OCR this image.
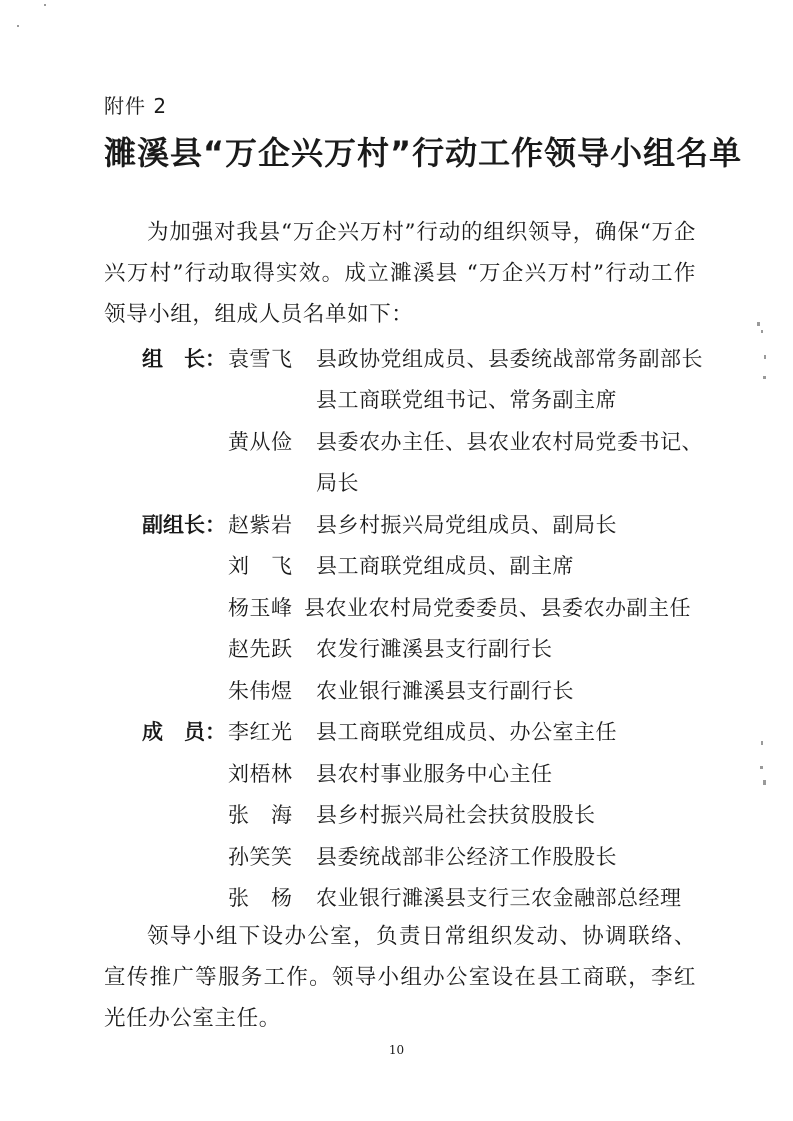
附件 2
濉溪县“万企兴万村”行动工作领导小组名单
为加强对我县“万企兴万村”行动的组织领导，确保“万企兴万村”行动取得实效。成立濉溪县 “万企兴万村”行动工作领导小组，组成人员名单如下：
组　长： 袁雪飞 县政协党组成员、县委统战部常务副部长
县工商联党组书记、常务副主席
黄从俭 县委农办主任、县农业农村局党委书记、
局长
副组长： 赵紫岩 县乡村振兴局党组成员、副局长
刘　飞 县工商联党组成员、副主席
杨玉峰 县农业农村局党委委员、县委农办副主任
赵先跃 农发行濉溪县支行副行长
朱伟煜 农业银行濉溪县支行副行长
成　员： 李红光 县工商联党组成员、办公室主任
刘梧林 县农村事业服务中心主任
张　海 县乡村振兴局社会扶贫股股长
孙笑笑 县委统战部非公经济工作股股长
张　杨 农业银行濉溪县支行三农金融部总经理
领导小组下设办公室，负责日常组织发动、协调联络、宣传推广等服务工作。领导小组办公室设在县工商联，李红光任办公室主任。
10
